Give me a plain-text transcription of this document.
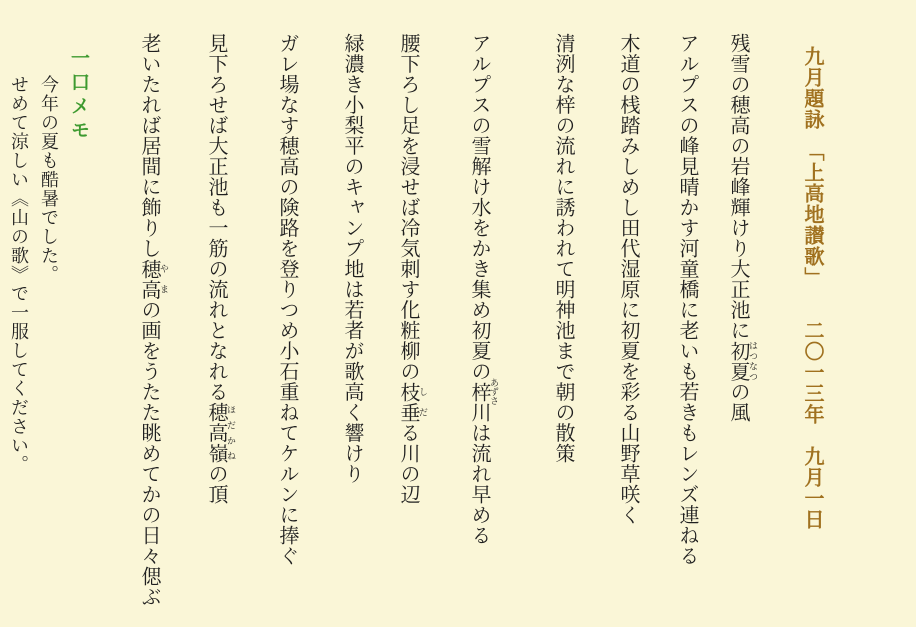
九月題詠　「上高地讃歌」　　二〇一三年　九月一日
残雪の穂高の岩峰輝けり大正池に初夏 はつなつの風
アルプスの峰見晴かす河童橋に老いも若きもレンズ連ねる
木道の桟踏みしめし田代湿原に初夏を彩る山野草咲く
清洌な梓の流れに誘われて明神池まで朝の散策
アルプスの雪解け水をかき集め初夏の梓 あずさ川は流れ早める
腰下ろし足を浸せば冷気刺す化粧柳の枝垂 しだる川の辺
緑濃き小梨平のキャンプ地は若者が歌高く響けり
ガレ場なす穂高の険路を登りつめ小石重ねてケルンに捧ぐ
見下ろせば大正池も一筋の流れとなれる穂高嶺 ほだかねの頂
老いたれば居間に飾りし穂高 やまの画をうたた眺めてかの日々偲ぶ
一口メモ
今年の夏も酷暑でした。
せめて涼しい《山の歌》で一服してください。
